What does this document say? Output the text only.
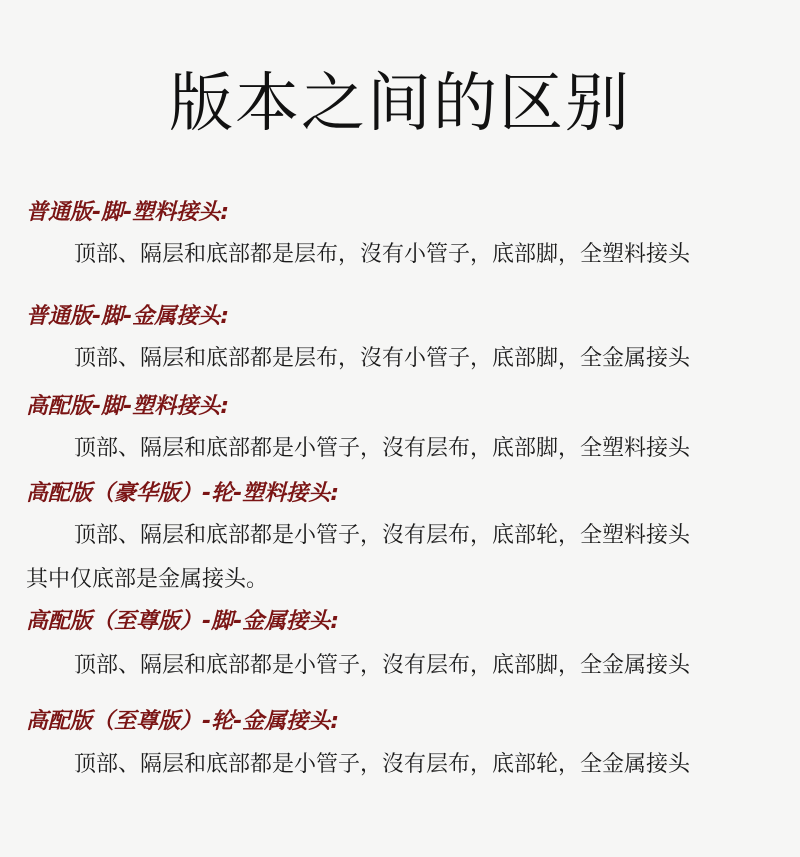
版本之间的区别
普通版-脚-塑料接头:
顶部、隔层和底部都是层布，沒有小管子，底部脚，全塑料接头
普通版-脚-金属接头:
顶部、隔层和底部都是层布，沒有小管子，底部脚，全金属接头
高配版-脚-塑料接头:
顶部、隔层和底部都是小管子，沒有层布，底部脚，全塑料接头
高配版（豪华版）-轮-塑料接头:
顶部、隔层和底部都是小管子，沒有层布，底部轮，全塑料接头
其中仅底部是金属接头。
高配版（至尊版）-脚-金属接头:
顶部、隔层和底部都是小管子，沒有层布，底部脚，全金属接头
高配版（至尊版）-轮-金属接头:
顶部、隔层和底部都是小管子，沒有层布，底部轮，全金属接头
